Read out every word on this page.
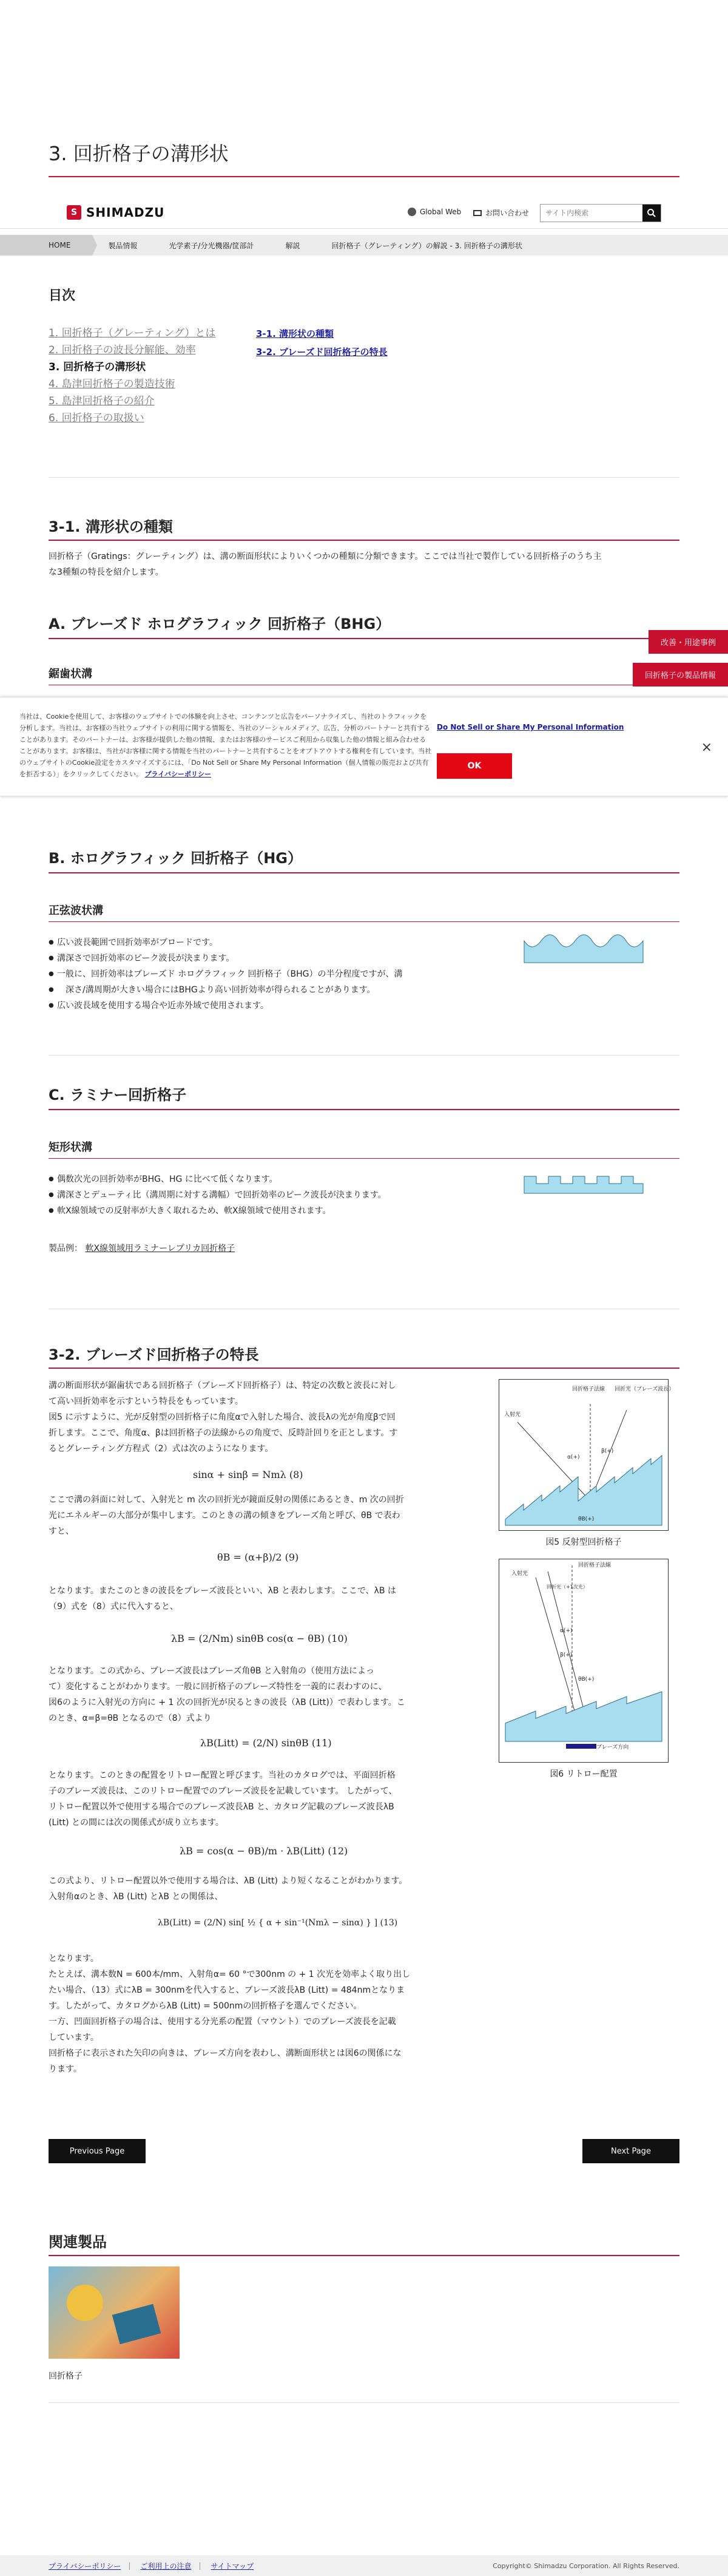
3. 回折格子の溝形状
S SHIMADZU	Global Web	お問い合わせ
サイト内検索
HOME	製品情報	光学素子/分光機器/筐部計	解説	回折格子（グレーティング）の解説 - 3. 回折格子の溝形状
目次
1. 回折格子（グレーティング）とは
2. 回折格子の波長分解能、効率
3. 回折格子の溝形状
4. 島津回折格子の製造技術
5. 島津回折格子の紹介
6. 回折格子の取扱い
3-1. 溝形状の種類
3-2. ブレーズド回折格子の特長
3-1. 溝形状の種類

回折格子（Gratings：グレーティング）は、溝の断面形状によりいくつかの種類に分類できます。ここでは当社で製作している回折格子のうち主

な3種類の特長を紹介します。

A. ブレーズド ホログラフィック 回折格子（BHG）
鋸歯状溝
改善・用途事例
回折格子の製品情報
当社は、Cookieを使用して、お客様のウェブサイトでの体験を向上させ、コンテンツと広告をパーソナライズし、当社のトラフィックを分析します。当社は、お客様の当社ウェブサイトの利用に関する情報を、当社のソーシャルメディア、広告、分析のパートナーと共有することがあります。そのパートナーは、お客様が提供した他の情報、またはお客様のサービスご利用から収集した他の情報と組み合わせることがあります。お客様は、当社がお客様に関する情報を当社のパートナーと共有することをオプトアウトする権利を有しています。当社のウェブサイトのCookie設定をカスタマイズするには、「Do Not Sell or Share My Personal Information（個人情報の販売および共有を拒否する）」をクリックしてください。 プライバシーポリシー
Do Not Sell or Share My Personal Information
OK
×
B. ホログラフィック 回折格子（HG）
正弦波状溝
● 広い波長範囲で回折効率がブロードです。
● 溝深さで回折効率のピーク波長が決まります。
● 一般に、回折効率はブレーズド ホログラフィック 回折格子（BHG）の半分程度ですが、溝
● 深さ/溝周期が大きい場合にはBHGより高い回折効率が得られることがあります。
● 広い波長域を使用する場合や近赤外域で使用されます。
C. ラミナー回折格子
矩形状溝
● 偶数次光の回折効率がBHG、HG に比べて低くなります。
● 溝深さとデューティ比（溝周期に対する溝幅）で回折効率のピーク波長が決まります。
● 軟X線領域での反射率が大きく取れるため、軟X線領域で使用されます。

製品例： 軟X線領域用ラミナーレプリカ回折格子

3-2. ブレーズド回折格子の特長
溝の断面形状が鋸歯状である回折格子（ブレーズド回折格子）は、特定の次数と波長に対し
て高い回折効率を示すという特長をもっています。
図5 に示すように、光が反射型の回折格子に角度αで入射した場合、波長λの光が角度βで回
折します。ここで、角度α、βは回折格子の法線からの角度で、反時計回りを正とします。す
るとグレーティング方程式（2）式は次のようになります。
sinα + sinβ = Nmλ (8)
ここで溝の斜面に対して、入射光と m 次の回折光が鏡面反射の関係にあるとき、m 次の回折
光にエネルギーの大部分が集中します。このときの溝の傾きをブレーズ角と呼び、θB で表わ
すと、
θB = (α+β)/2 (9)
となります。またこのときの波長をブレーズ波長といい、λB と表わします。ここで、λB は
（9）式を（8）式に代入すると、
λB = (2/Nm) sinθB cos(α − θB) (10)
となります。この式から、ブレーズ波長はブレーズ角θB と入射角の（使用方法によっ
て）変化することがわかります。一般に回折格子のブレーズ特性を一義的に表わすのに、
図6のように入射光の方向に + 1 次の回折光が戻るときの波長（λB (Litt)）で表わします。こ
のとき、α=β=θB となるので（8）式より
λB(Litt) = (2/N) sinθB (11)
となります。このときの配置をリトロー配置と呼びます。当社のカタログでは、平面回折格
子のブレーズ波長は、このリトロー配置でのブレーズ波長を記載しています。 したがって、
リトロー配置以外で使用する場合でのブレーズ波長λB と、カタログ記載のブレーズ波長λB
(Litt) との間には次の関係式が成り立ちます。
λB = cos(α − θB)/m · λB(Litt) (12)
この式より、リトロー配置以外で使用する場合は、λB (Litt) より短くなることがわかります。
入射角αのとき、λB (Litt) とλB との関係は、
λB(Litt) = (2/N) sin[ ½ { α + sin⁻¹(Nmλ − sinα) } ] (13)
となります。
たとえば、溝本数N = 600本/mm、入射角α= 60 °で300nm の + 1 次光を効率よく取り出し
たい場合、（13）式にλB = 300nmを代入すると、ブレーズ波長λB (Litt) = 484nmとなりま
す。したがって、カタログからλB (Litt) = 500nmの回折格子を選んでください。
一方、凹面回折格子の場合は、使用する分光系の配置（マウント）でのブレーズ波長を記載
しています。
回折格子に表示された矢印の向きは、ブレーズ方向を表わし、溝断面形状とは図6の関係にな
ります。
回折格子法線 回折光（ブレーズ波長）
入射光
α(+)
β(+)
θB(+)
図5 反射型回折格子
回折格子法線
入射光
回折光（+1次光）
θB(+)
α(+)
β(+)
ブレーズ方向
図6 リトロー配置
Previous Page	Next Page
関連製品
回折格子
プライバシーポリシー | ご利用上の注意 | サイトマップ	Copyright© Shimadzu Corporation. All Rights Reserved.
